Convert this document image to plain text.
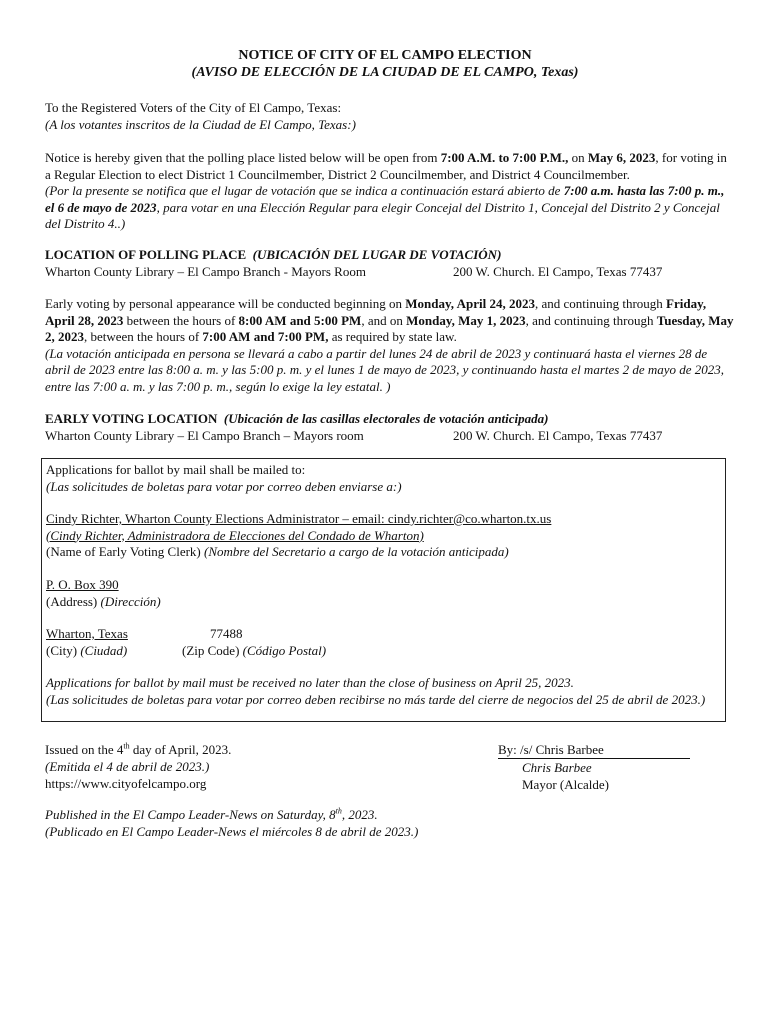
NOTICE OF CITY OF EL CAMPO ELECTION
(AVISO DE ELECCIÓN DE LA CIUDAD DE EL CAMPO, Texas)
To the Registered Voters of the City of El Campo, Texas:
(A los votantes inscritos de la Ciudad de El Campo, Texas:)
Notice is hereby given that the polling place listed below will be open from 7:00 A.M. to 7:00 P.M., on May 6, 2023, for voting in a Regular Election to elect District 1 Councilmember, District 2 Councilmember, and District 4 Councilmember.
(Por la presente se notifica que el lugar de votación que se indica a continuación estará abierto de 7:00 a.m. hasta las 7:00 p. m., el 6 de mayo de 2023, para votar en una Elección Regular para elegir Concejal del Distrito 1, Concejal del Distrito 2 y Concejal del Distrito 4..)
LOCATION OF POLLING PLACE (UBICACIÓN DEL LUGAR DE VOTACIÓN)
Wharton County Library – El Campo Branch - Mayors Room	200 W. Church. El Campo, Texas 77437
Early voting by personal appearance will be conducted beginning on Monday, April 24, 2023, and continuing through Friday, April 28, 2023 between the hours of 8:00 AM and 5:00 PM, and on Monday, May 1, 2023, and continuing through Tuesday, May 2, 2023, between the hours of 7:00 AM and 7:00 PM, as required by state law.
(La votación anticipada en persona se llevará a cabo a partir del lunes 24 de abril de 2023 y continuará hasta el viernes 28 de abril de 2023 entre las 8:00 a. m. y las 5:00 p. m. y el lunes 1 de mayo de 2023, y continuando hasta el martes 2 de mayo de 2023, entre las 7:00 a. m. y las 7:00 p. m., según lo exige la ley estatal. )
EARLY VOTING LOCATION (Ubicación de las casillas electorales de votación anticipada)
Wharton County Library – El Campo Branch – Mayors room	200 W. Church. El Campo, Texas 77437
Applications for ballot by mail shall be mailed to:
(Las solicitudes de boletas para votar por correo deben enviarse a:)
Cindy Richter, Wharton County Elections Administrator – email: cindy.richter@co.wharton.tx.us
(Cindy Richter, Administradora de Elecciones del Condado de Wharton)
(Name of Early Voting Clerk) (Nombre del Secretario a cargo de la votación anticipada)
P. O. Box 390
(Address) (Dirección)
Wharton, Texas	77488
(City) (Ciudad)	(Zip Code) (Código Postal)
Applications for ballot by mail must be received no later than the close of business on April 25, 2023.
(Las solicitudes de boletas para votar por correo deben recibirse no más tarde del cierre de negocios del 25 de abril de 2023.)
Issued on the 4th day of April, 2023.
(Emitida el 4 de abril de 2023.)
https://www.cityofelcampo.org
By: /s/ Chris Barbee
Chris Barbee
Mayor (Alcalde)
Published in the El Campo Leader-News on Saturday, 8th, 2023.
(Publicado en El Campo Leader-News el miércoles 8 de abril de 2023.)
